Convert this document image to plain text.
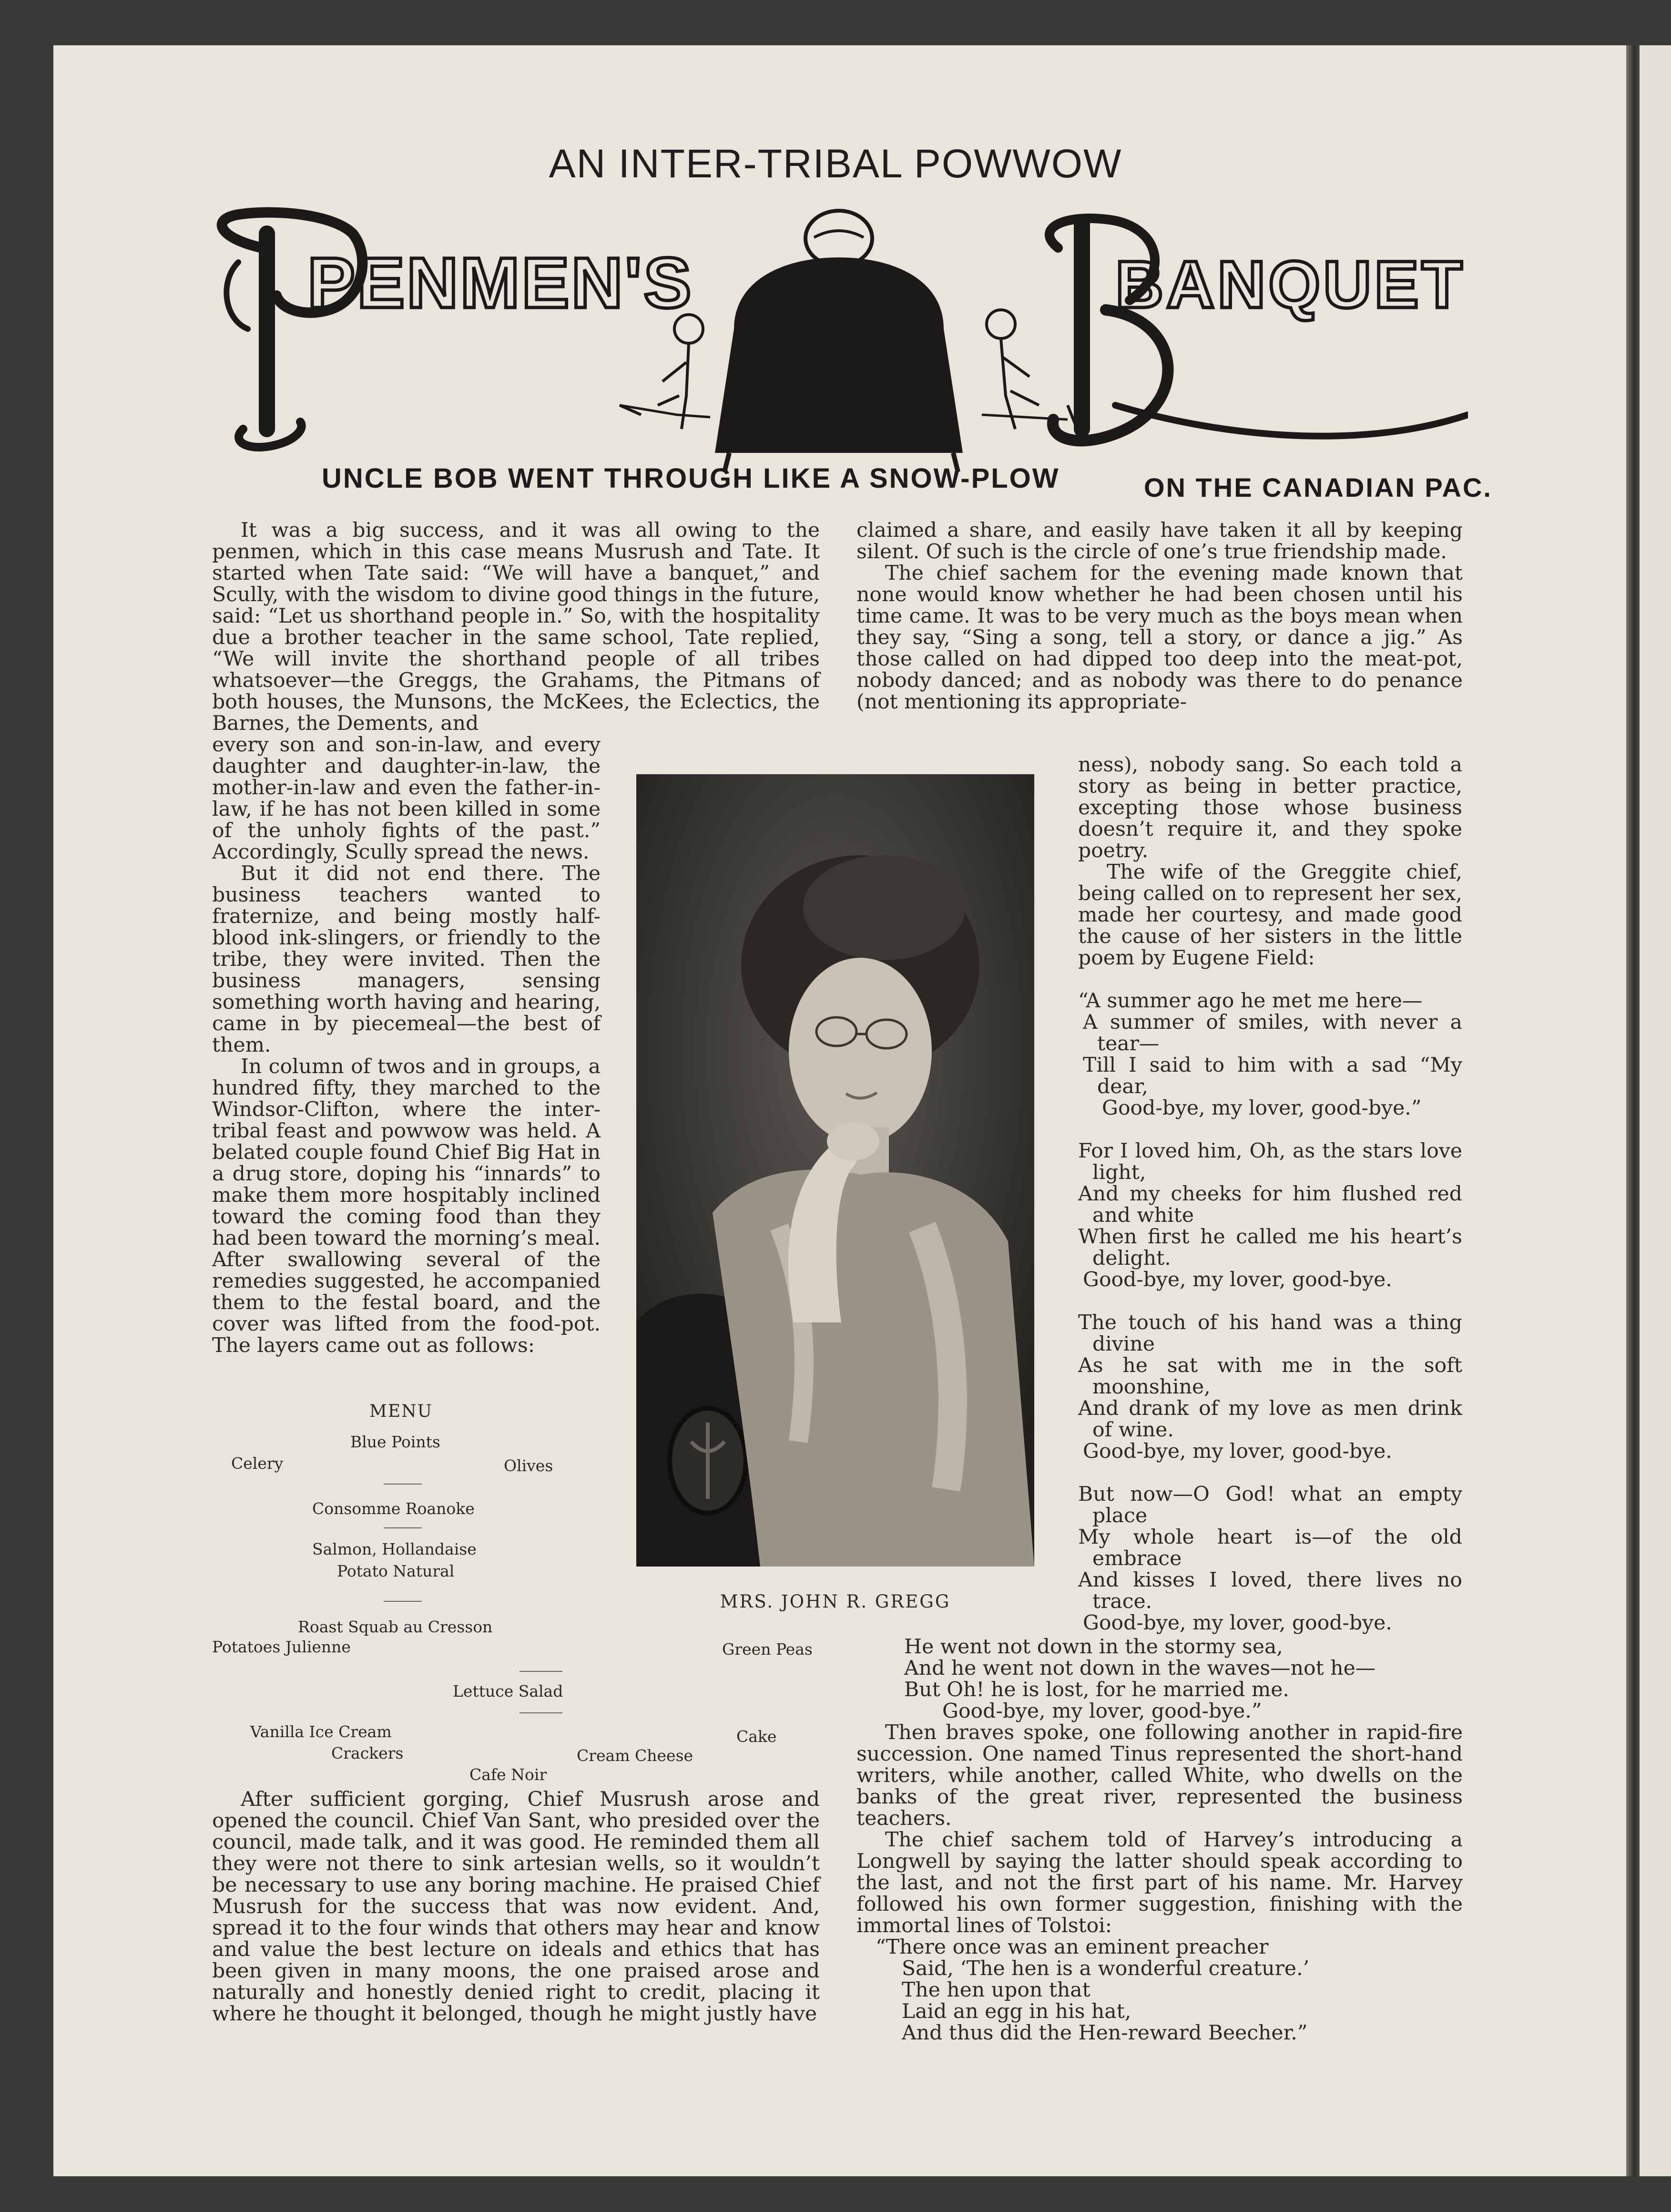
AN INTER-TRIBAL POWWOW
PENMEN'S	BANQUET
UNCLE BOB WENT THROUGH LIKE A SNOW-PLOW	ON THE CANADIAN PAC.

It was a big success, and it was all owing to the penmen, which in this case means Musrush and Tate. It started when Tate said: “We will have a banquet,” and Scully, with the wisdom to divine good things in the future, said: “Let us shorthand people in.” So, with the hospitality due a brother teacher in the same school, Tate replied, “We will invite the shorthand people of all tribes whatsoever—the Greggs, the Grahams, the Pitmans of both houses, the Munsons, the McKees, the Eclectics, the Barnes, the Dements, and

every son and son-in-law, and every daughter and daughter-in-law, the mother-in-law and even the father-in-law, if he has not been killed in some of the unholy fights of the past.” Accordingly, Scully spread the news.

But it did not end there. The business teachers wanted to fraternize, and being mostly half-blood ink-slingers, or friendly to the tribe, they were invited. Then the business managers, sensing something worth having and hearing, came in by piecemeal—the best of them.

In column of twos and in groups, a hundred fifty, they marched to the Windsor-Clifton, where the inter-tribal feast and powwow was held. A belated couple found Chief Big Hat in a drug store, doping his “innards” to make them more hospitably inclined toward the coming food than they had been toward the morning’s meal. After swallowing several of the remedies suggested, he accompanied them to the festal board, and the cover was lifted from the food-pot. The layers came out as follows:

MENU
Blue Points
Celery	Olives
Consomme Roanoke
Salmon, Hollandaise
Potato Natural
Roast Squab au Cresson
Potatoes Julienne	Green Peas
Lettuce Salad
Vanilla Ice Cream	Cake
Crackers	Cream Cheese
Cafe Noir

After sufficient gorging, Chief Musrush arose and opened the council. Chief Van Sant, who presided over the council, made talk, and it was good. He reminded them all they were not there to sink artesian wells, so it wouldn’t be necessary to use any boring machine. He praised Chief Musrush for the success that was now evident. And, spread it to the four winds that others may hear and know and value the best lecture on ideals and ethics that has been given in many moons, the one praised arose and naturally and honestly denied right to credit, placing it where he thought it belonged, though he might justly have

claimed a share, and easily have taken it all by keeping silent. Of such is the circle of one’s true friendship made.

The chief sachem for the evening made known that none would know whether he had been chosen until his time came. It was to be very much as the boys mean when they say, “Sing a song, tell a story, or dance a jig.” As those called on had dipped too deep into the meat-pot, nobody danced; and as nobody was there to do penance (not mentioning its appropriate-

MRS. JOHN R. GREGG

ness), nobody sang. So each told a story as being in better practice, excepting those whose business doesn’t require it, and they spoke poetry.

The wife of the Greggite chief, being called on to represent her sex, made her courtesy, and made good the cause of her sisters in the little poem by Eugene Field:

“A summer ago he met me here—
A summer of smiles, with never a tear—
Till I said to him with a sad “My dear,
Good-bye, my lover, good-bye.”
For I loved him, Oh, as the stars love light,
And my cheeks for him flushed red and white
When first he called me his heart’s delight.
Good-bye, my lover, good-bye.
The touch of his hand was a thing divine
As he sat with me in the soft moonshine,
And drank of my love as men drink of wine.
Good-bye, my lover, good-bye.
But now—O God! what an empty place
My whole heart is—of the old embrace
And kisses I loved, there lives no trace.
Good-bye, my lover, good-bye.
He went not down in the stormy sea,
And he went not down in the waves—not he—
But Oh! he is lost, for he married me.
Good-bye, my lover, good-bye.”

Then braves spoke, one following another in rapid-fire succession. One named Tinus represented the short-hand writers, while another, called White, who dwells on the banks of the great river, represented the business teachers.

The chief sachem told of Harvey’s introducing a Longwell by saying the latter should speak according to the last, and not the first part of his name. Mr. Harvey followed his own former suggestion, finishing with the immortal lines of Tolstoi:

“There once was an eminent preacher
Said, ‘The hen is a wonderful creature.’
The hen upon that
Laid an egg in his hat,
And thus did the Hen-reward Beecher.”
